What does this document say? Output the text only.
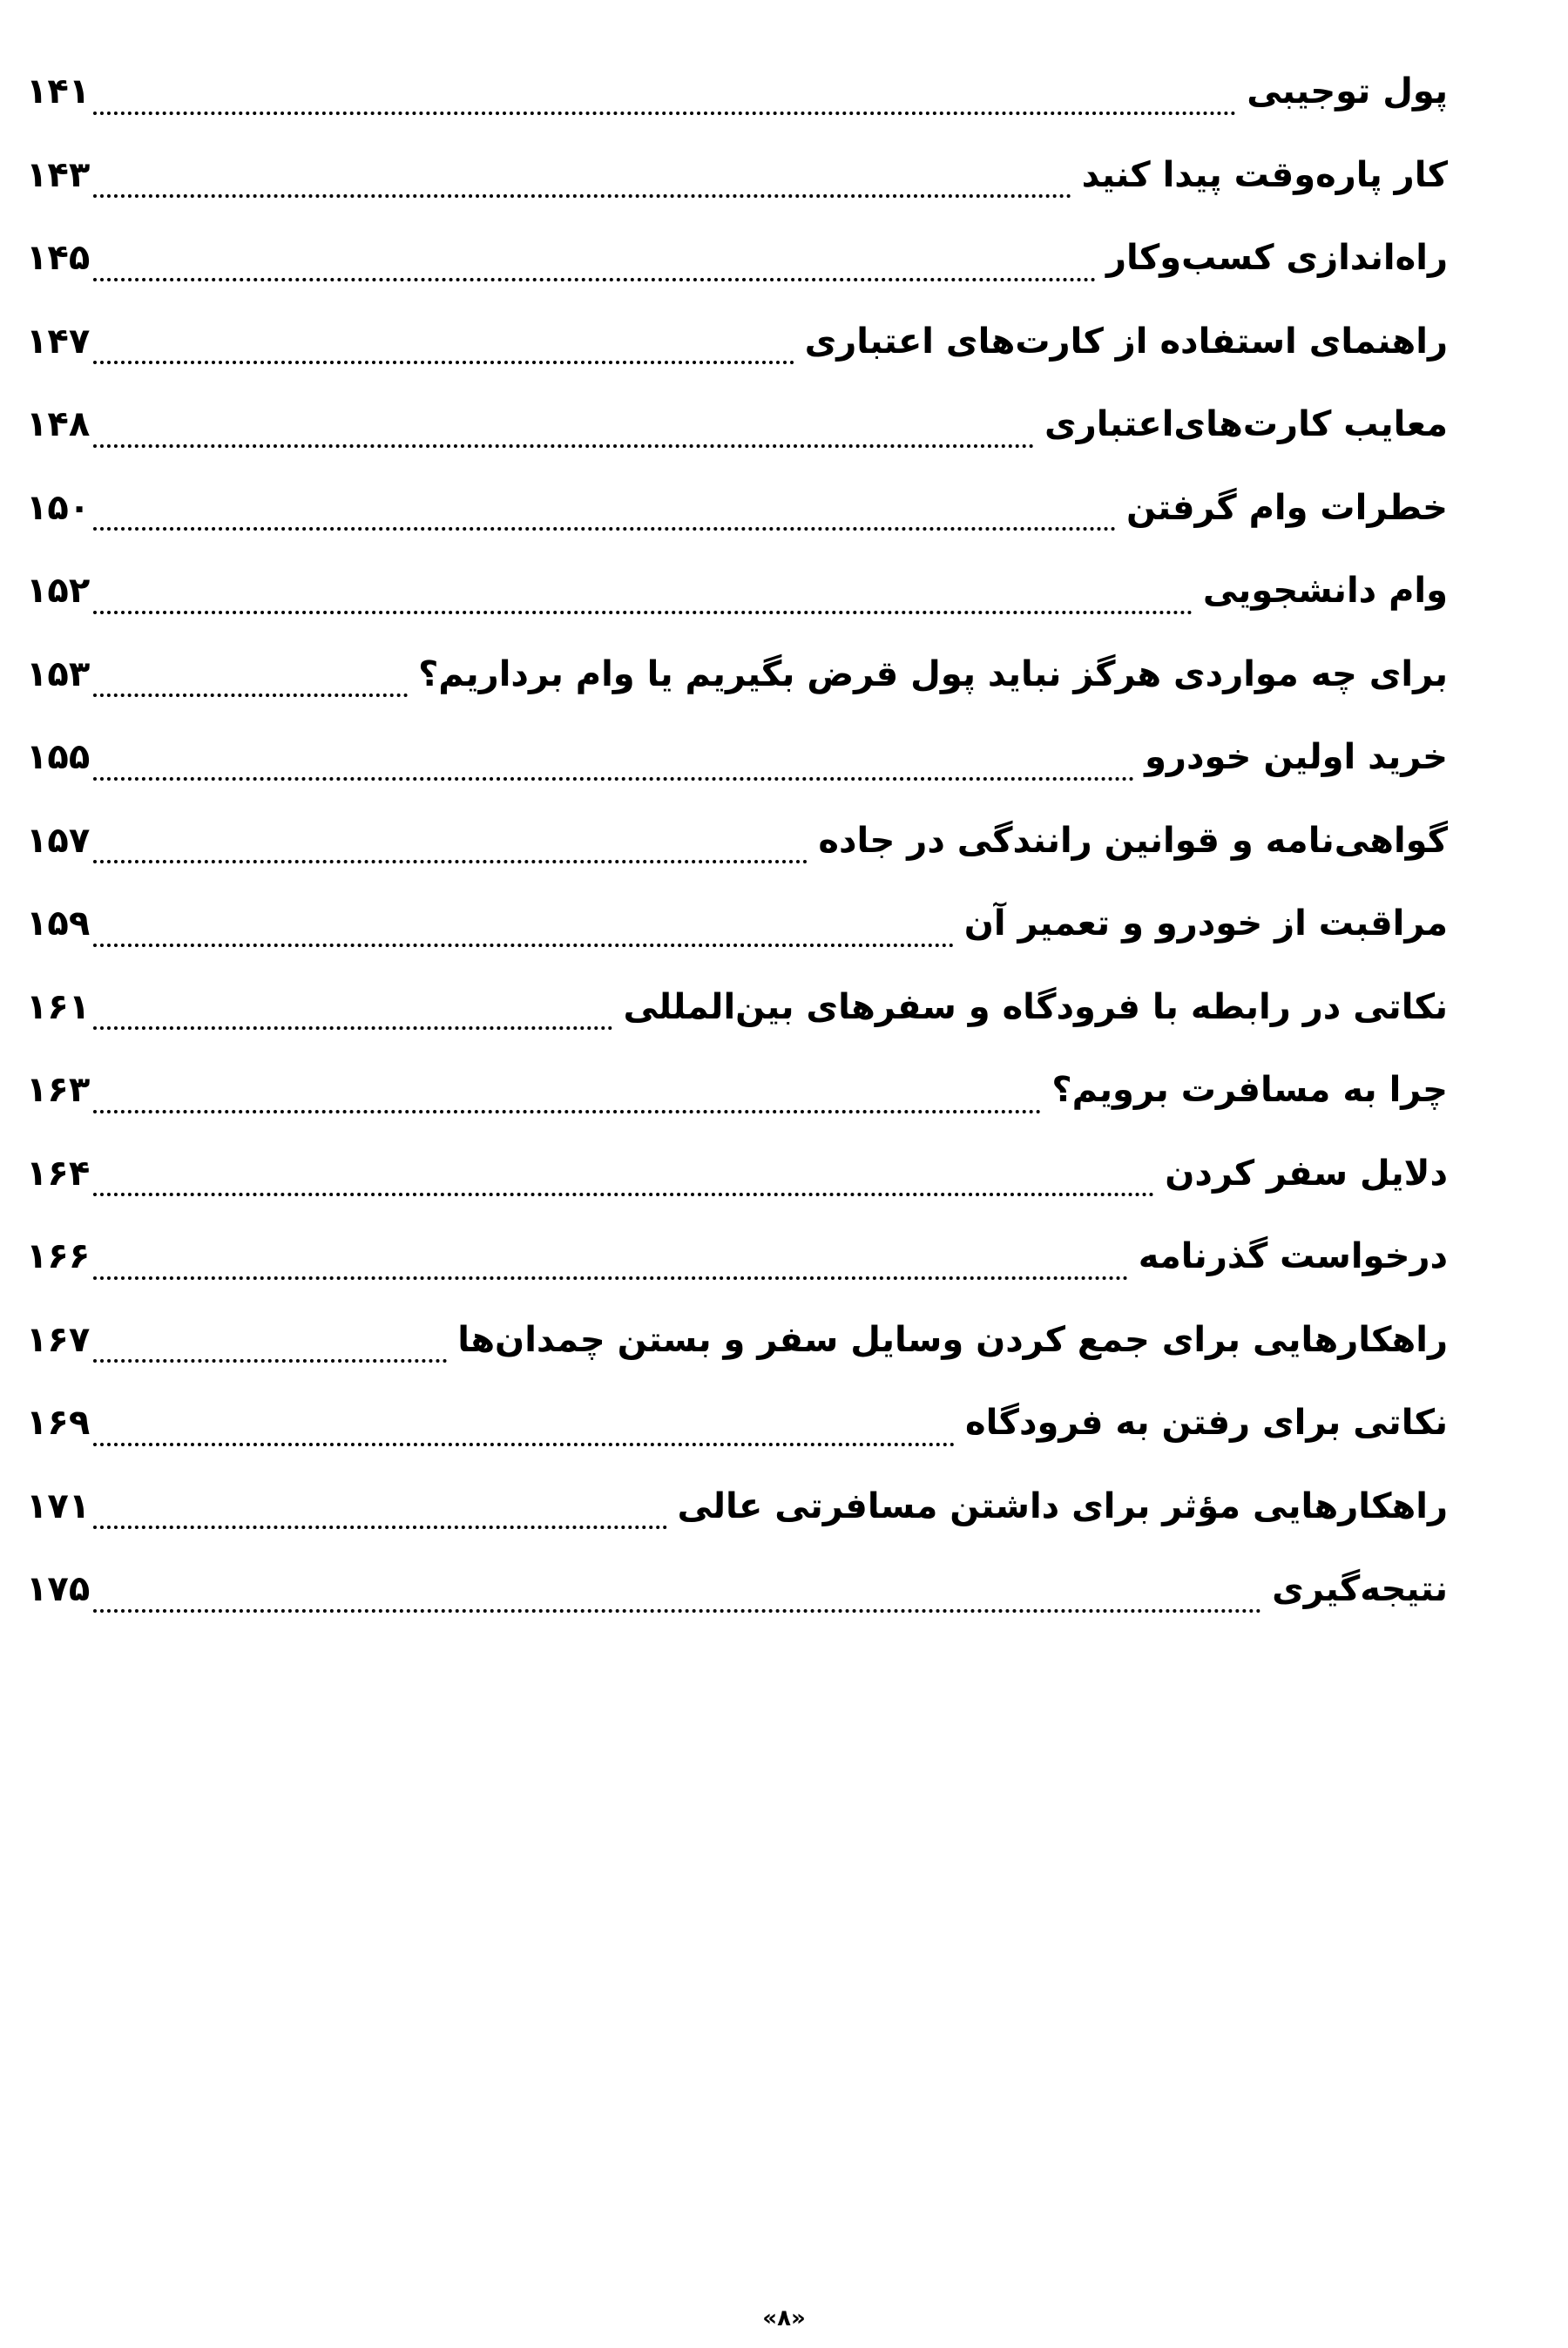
پول توجیبی
۱۴۱
کار پاره‌وقت پیدا کنید
۱۴۳
راه‌اندازی کسب‌وکار
۱۴۵
راهنمای استفاده از کارت‌های اعتباری
۱۴۷
معایب کارت‌های‌اعتباری
۱۴۸
خطرات وام گرفتن
۱۵۰
وام دانشجویی
۱۵۲
برای چه مواردی هرگز نباید پول قرض بگیریم یا وام برداریم؟
۱۵۳
خرید اولین خودرو
۱۵۵
گواهی‌نامه و قوانین رانندگی در جاده
۱۵۷
مراقبت از خودرو و تعمیر آن
۱۵۹
نکاتی در رابطه با فرودگاه و سفرهای بین‌المللی
۱۶۱
چرا به مسافرت برویم؟
۱۶۳
دلایل سفر کردن
۱۶۴
درخواست گذرنامه
۱۶۶
راهکارهایی برای جمع کردن وسایل سفر و بستن چمدان‌ها
۱۶۷
نکاتی برای رفتن به فرودگاه
۱۶۹
راهکارهایی مؤثر برای داشتن مسافرتی عالی
۱۷۱
نتیجه‌گیری
۱۷۵
«۸»
